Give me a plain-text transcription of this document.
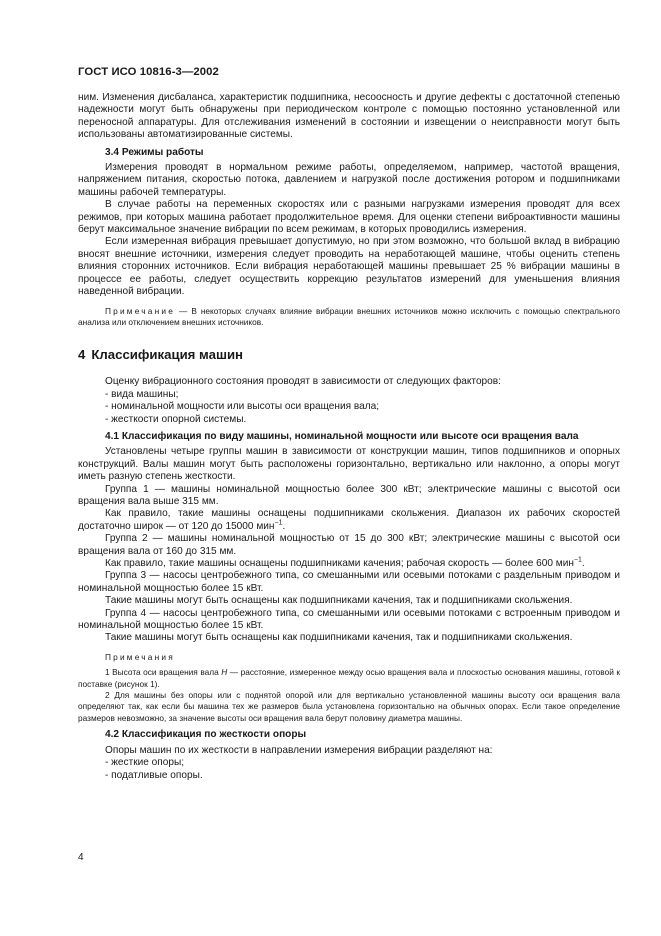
ГОСТ ИСО 10816-3—2002

ним. Изменения дисбаланса, характеристик подшипника, несоосность и другие дефекты с достаточной степенью надежности могут быть обнаружены при периодическом контроле с помощью постоянно установленной или переносной аппаратуры. Для отслеживания изменений в состоянии и извещении о неисправности могут быть использованы автоматизированные системы.

3.4 Режимы работы

Измерения проводят в нормальном режиме работы, определяемом, например, частотой вращения, напряжением питания, скоростью потока, давлением и нагрузкой после достижения ротором и подшипниками машины рабочей температуры.

В случае работы на переменных скоростях или с разными нагрузками измерения проводят для всех режимов, при которых машина работает продолжительное время. Для оценки степени виброактивности машины берут максимальное значение вибрации по всем режимам, в которых проводились измерения.

Если измеренная вибрация превышает допустимую, но при этом возможно, что большой вклад в вибрацию вносят внешние источники, измерения следует проводить на неработающей машине, чтобы оценить степень влияния сторонних источников. Если вибрация неработающей машины превышает 25 % вибрации машины в процессе ее работы, следует осуществить коррекцию результатов измерений для уменьшения влияния наведенной вибрации.

Примечание — В некоторых случаях влияние вибрации внешних источников можно исключить с помощью спектрального анализа или отключением внешних источников.

4 Классификация машин

Оценку вибрационного состояния проводят в зависимости от следующих факторов:

- вида машины;

- номинальной мощности или высоты оси вращения вала;

- жесткости опорной системы.

4.1 Классификация по виду машины, номинальной мощности или высоте оси вращения вала

Установлены четыре группы машин в зависимости от конструкции машин, типов подшипников и опорных конструкций. Валы машин могут быть расположены горизонтально, вертикально или наклонно, а опоры могут иметь разную степень жесткости.

Группа 1 — машины номинальной мощностью более 300 кВт; электрические машины с высотой оси вращения вала выше 315 мм.

Как правило, такие машины оснащены подшипниками скольжения. Диапазон их рабочих скоростей достаточно широк — от 120 до 15000 мин$^{-1}$.

Группа 2 — машины номинальной мощностью от 15 до 300 кВт; электрические машины с высотой оси вращения вала от 160 до 315 мм.

Как правило, такие машины оснащены подшипниками качения; рабочая скорость — более 600 мин$^{-1}$.

Группа 3 — насосы центробежного типа, со смешанными или осевыми потоками с раздельным приводом и номинальной мощностью более 15 кВт.

Такие машины могут быть оснащены как подшипниками качения, так и подшипниками скольжения.

Группа 4 — насосы центробежного типа, со смешанными или осевыми потоками с встроенным приводом и номинальной мощностью более 15 кВт.

Такие машины могут быть оснащены как подшипниками качения, так и подшипниками скольжения.

Примечания

1 Высота оси вращения вала H — расстояние, измеренное между осью вращения вала и плоскостью основания машины, готовой к поставке (рисунок 1).

2 Для машины без опоры или с поднятой опорой или для вертикально установленной машины высоту оси вращения вала определяют так, как если бы машина тех же размеров была установлена горизонтально на обычных опорах. Если такое определение размеров невозможно, за значение высоты оси вращения вала берут половину диаметра машины.

4.2 Классификация по жесткости опоры

Опоры машин по их жесткости в направлении измерения вибрации разделяют на:

- жесткие опоры;

- податливые опоры.

4
